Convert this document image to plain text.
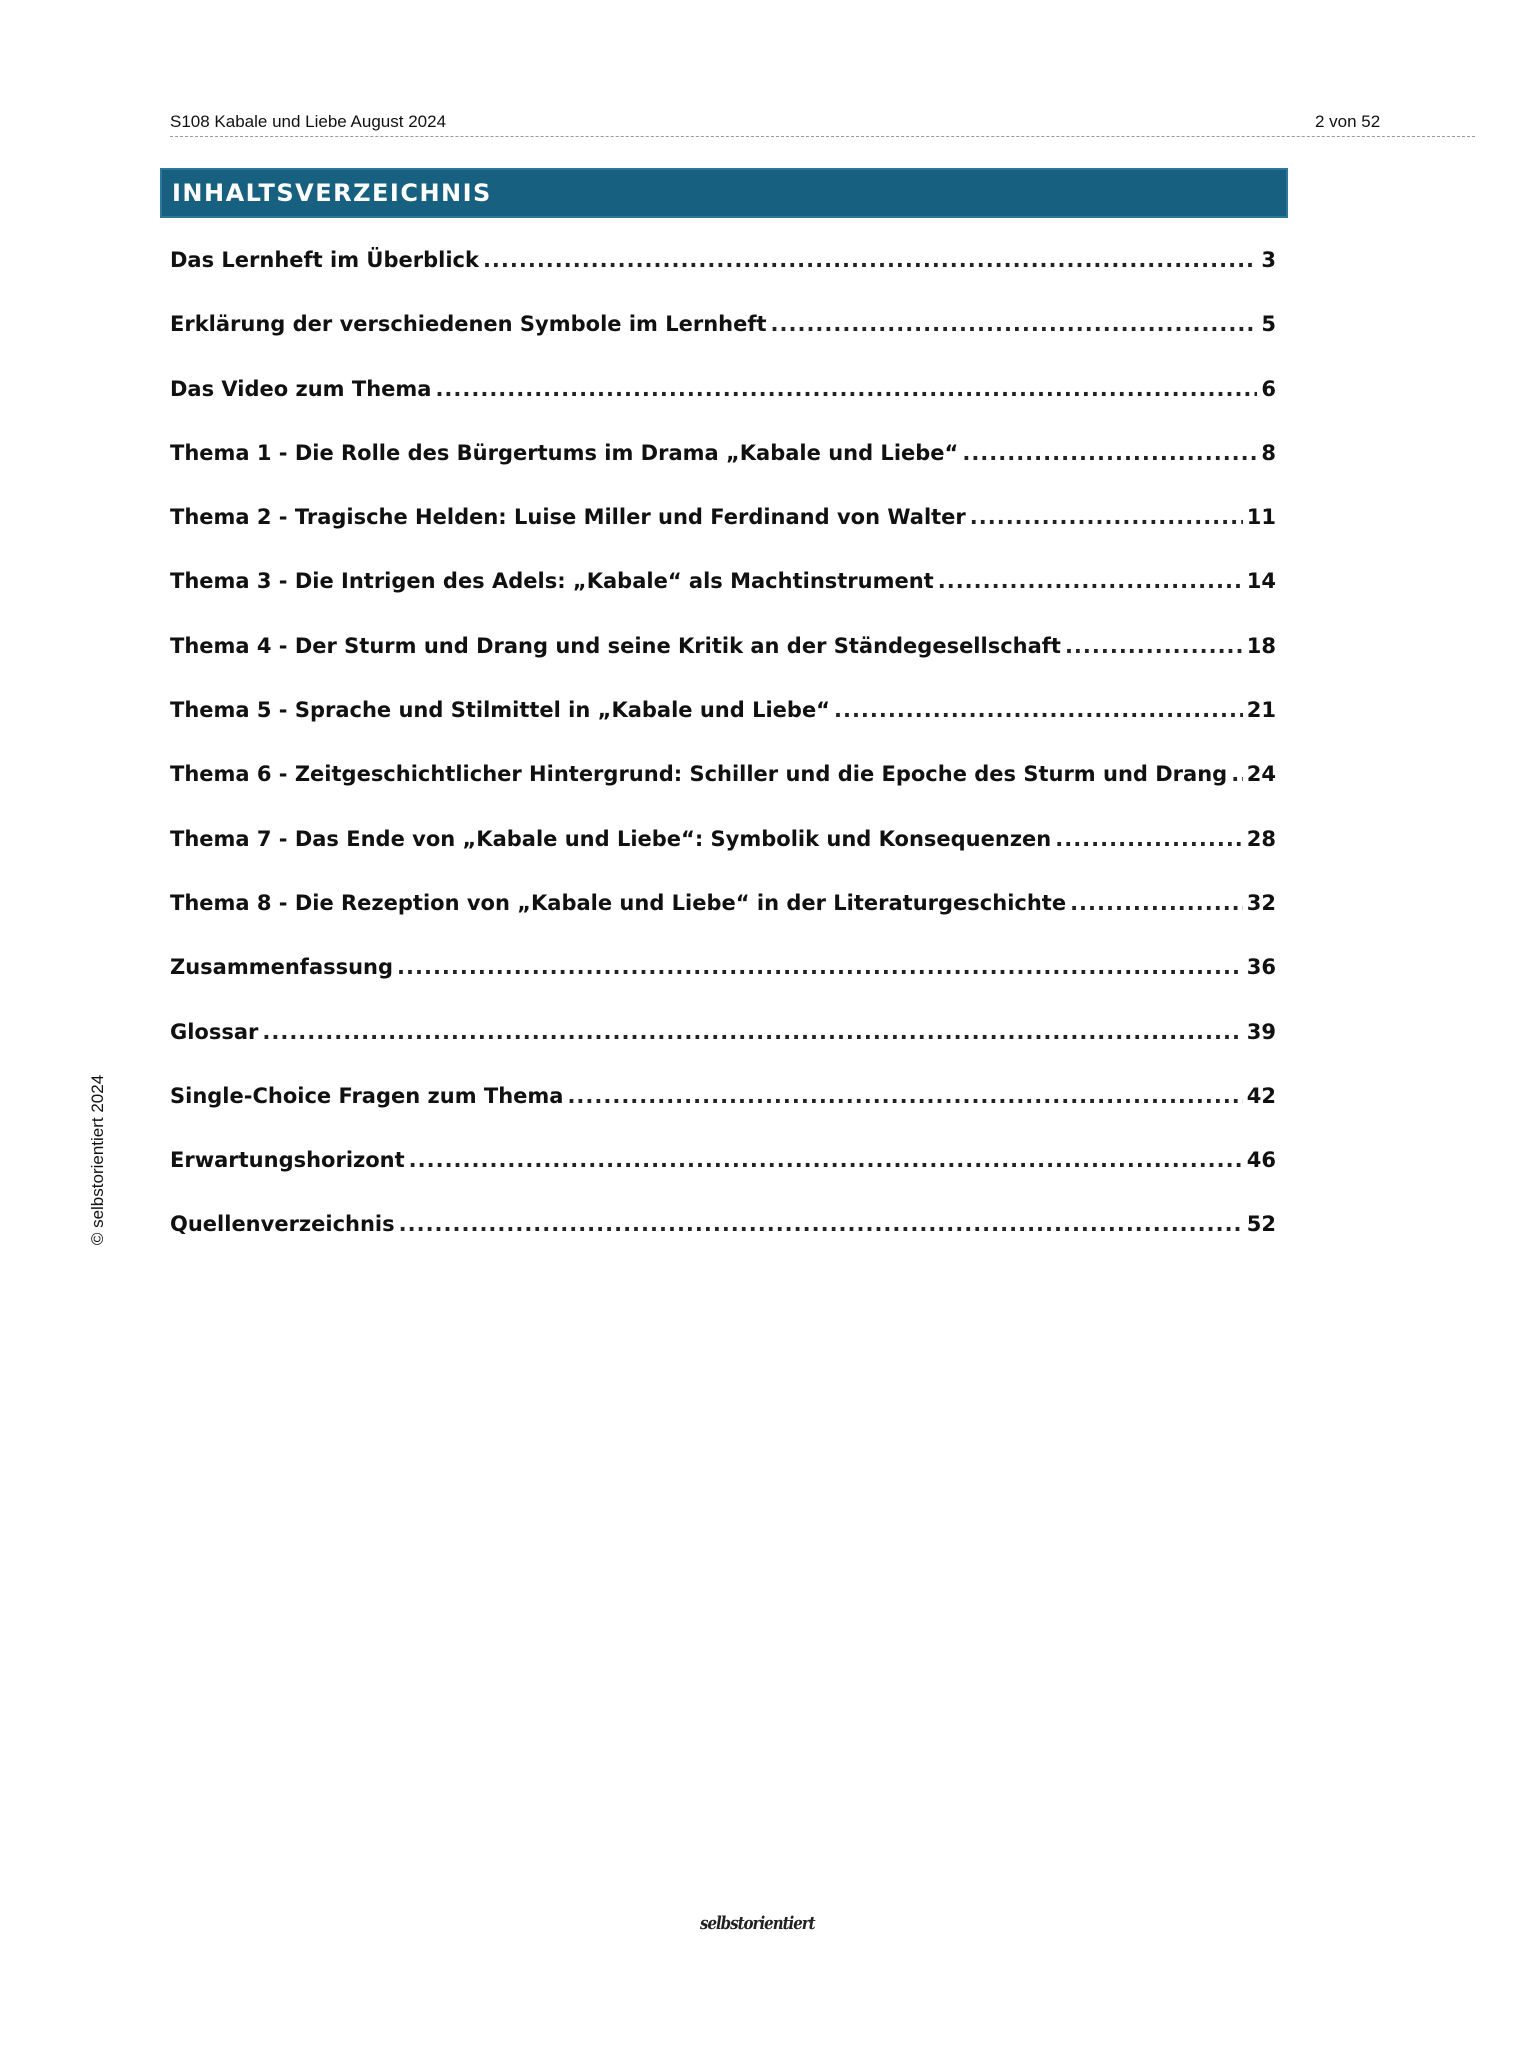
S108 Kabale und Liebe August 2024	2 von 52
INHALTSVERZEICHNIS
Das Lernheft im Überblick .....	3
Erklärung der verschiedenen Symbole im Lernheft .....	5
Das Video zum Thema .....	6
Thema 1 - Die Rolle des Bürgertums im Drama „Kabale und Liebe“ .....	8
Thema 2 - Tragische Helden: Luise Miller und Ferdinand von Walter .....	11
Thema 3 - Die Intrigen des Adels: „Kabale“ als Machtinstrument .....	14
Thema 4 - Der Sturm und Drang und seine Kritik an der Ständegesellschaft .....	18
Thema 5 - Sprache und Stilmittel in „Kabale und Liebe“ .....	21
Thema 6 - Zeitgeschichtlicher Hintergrund: Schiller und die Epoche des Sturm und Drang ..... 24
Thema 7 - Das Ende von „Kabale und Liebe“: Symbolik und Konsequenzen .....	28
Thema 8 - Die Rezeption von „Kabale und Liebe“ in der Literaturgeschichte .....	32
Zusammenfassung .....	36
Glossar .....	39
Single-Choice Fragen zum Thema .....	42
Erwartungshorizont .....	46
Quellenverzeichnis .....	52
© selbstorientiert 2024
selbstorientiert
